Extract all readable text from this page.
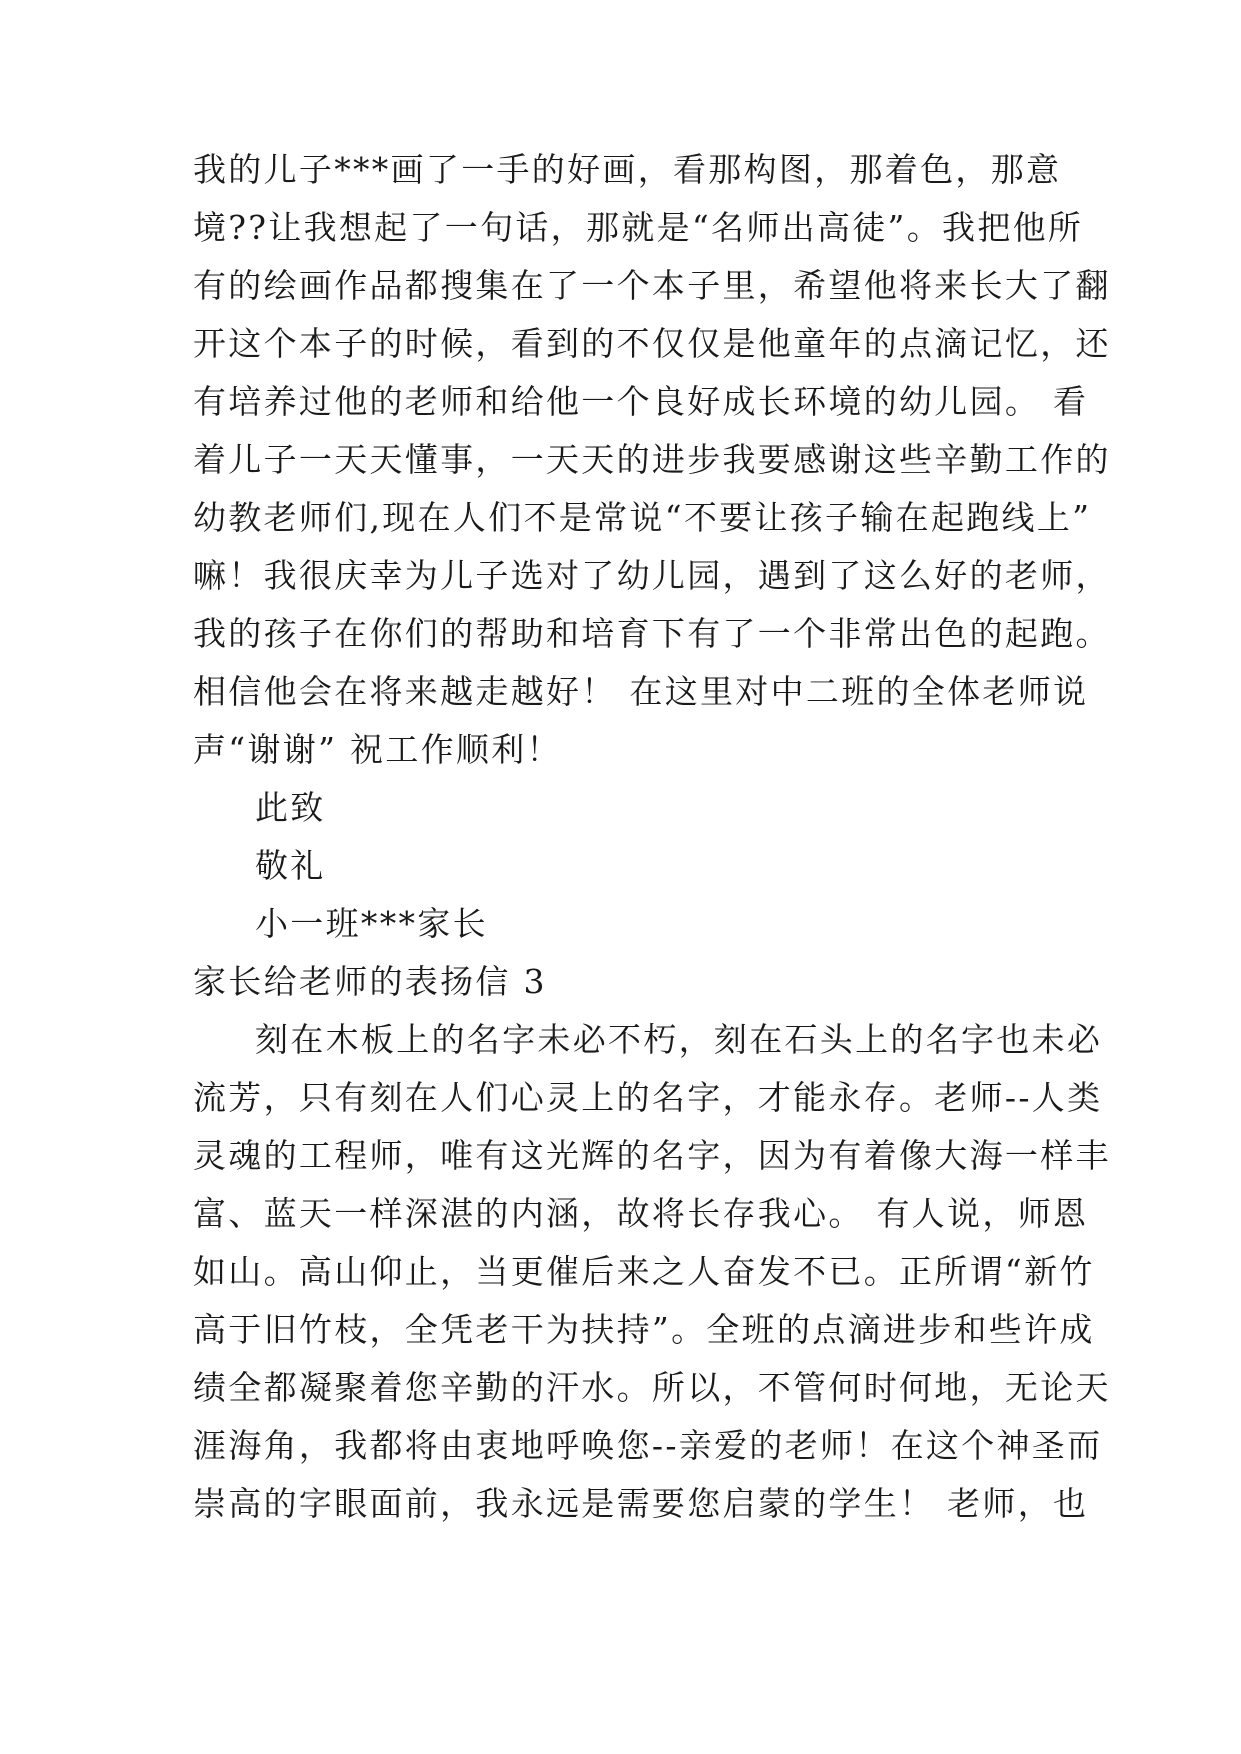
我的儿子***画了一手的好画，看那构图，那着色，那意
境??让我想起了一句话，那就是“名师出高徒”。我把他所
有的绘画作品都搜集在了一个本子里，希望他将来长大了翻
开这个本子的时候，看到的不仅仅是他童年的点滴记忆，还
有培养过他的老师和给他一个良好成长环境的幼儿园。 看
着儿子一天天懂事，一天天的进步我要感谢这些辛勤工作的
幼教老师们,现在人们不是常说“不要让孩子输在起跑线上”
嘛！我很庆幸为儿子选对了幼儿园，遇到了这么好的老师，
我的孩子在你们的帮助和培育下有了一个非常出色的起跑。
相信他会在将来越走越好！ 在这里对中二班的全体老师说
声“谢谢” 祝工作顺利！
此致
敬礼
小一班***家长
家长给老师的表扬信 3
刻在木板上的名字未必不朽，刻在石头上的名字也未必
流芳，只有刻在人们心灵上的名字，才能永存。老师--人类
灵魂的工程师，唯有这光辉的名字，因为有着像大海一样丰
富、蓝天一样深湛的内涵，故将长存我心。 有人说，师恩
如山。高山仰止，当更催后来之人奋发不已。正所谓“新竹
高于旧竹枝，全凭老干为扶持”。全班的点滴进步和些许成
绩全都凝聚着您辛勤的汗水。所以，不管何时何地，无论天
涯海角，我都将由衷地呼唤您--亲爱的老师！在这个神圣而
崇高的字眼面前，我永远是需要您启蒙的学生！ 老师，也
